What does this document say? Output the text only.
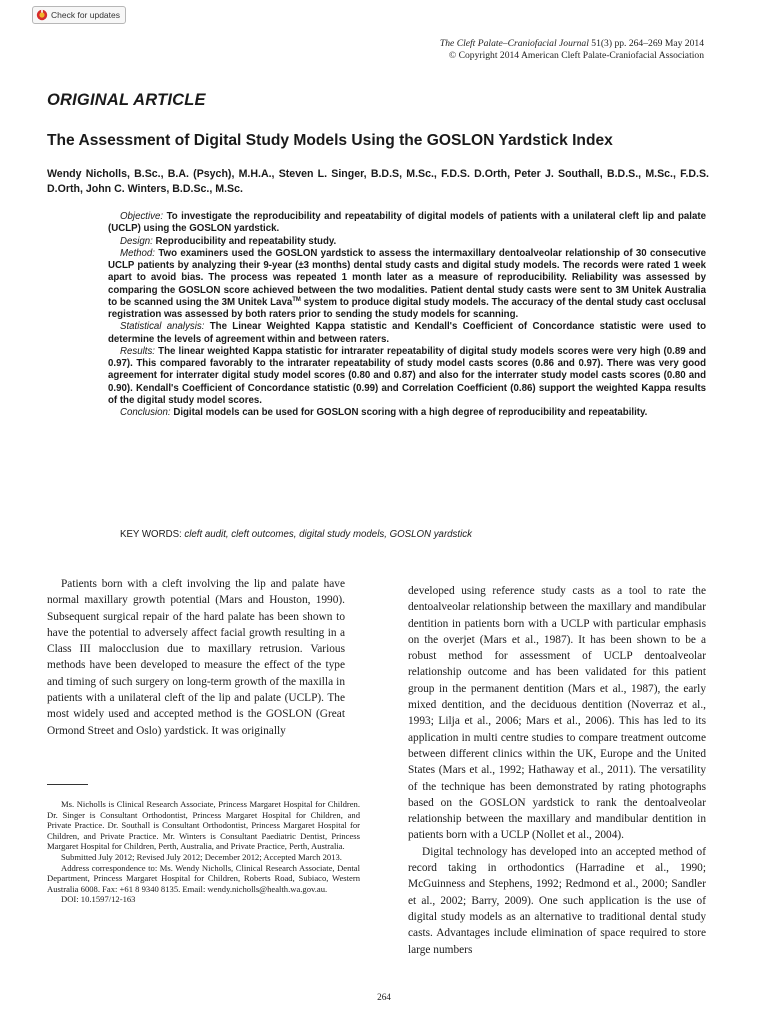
Check for updates
The Cleft Palate–Craniofacial Journal 51(3) pp. 264–269 May 2014
© Copyright 2014 American Cleft Palate-Craniofacial Association
ORIGINAL ARTICLE
The Assessment of Digital Study Models Using the GOSLON Yardstick Index
Wendy Nicholls, B.Sc., B.A. (Psych), M.H.A., Steven L. Singer, B.D.S, M.Sc., F.D.S. D.Orth, Peter J. Southall, B.D.S., M.Sc., F.D.S. D.Orth, John C. Winters, B.D.Sc., M.Sc.

Objective: To investigate the reproducibility and repeatability of digital models of patients with a unilateral cleft lip and palate (UCLP) using the GOSLON yardstick.

Design: Reproducibility and repeatability study.

Method: Two examiners used the GOSLON yardstick to assess the intermaxillary dentoalveolar relationship of 30 consecutive UCLP patients by analyzing their 9-year (±3 months) dental study casts and digital study models. The records were rated 1 week apart to avoid bias. The process was repeated 1 month later as a measure of reproducibility. Reliability was assessed by comparing the GOSLON score achieved between the two modalities. Patient dental study casts were sent to 3M Unitek Australia to be scanned using the 3M Unitek Lava™ system to produce digital study models. The accuracy of the dental study cast occlusal registration was assessed by both raters prior to sending the study models for scanning.

Statistical analysis: The Linear Weighted Kappa statistic and Kendall's Coefficient of Concordance statistic were used to determine the levels of agreement within and between raters.

Results: The linear weighted Kappa statistic for intrarater repeatability of digital study models scores were very high (0.89 and 0.97). This compared favorably to the intrarater repeatability of study model casts scores (0.86 and 0.97). There was very good agreement for interrater digital study model scores (0.80 and 0.87) and also for the interrater study model casts scores (0.80 and 0.90). Kendall's Coefficient of Concordance statistic (0.99) and Correlation Coefficient (0.86) support the weighted Kappa results of the digital study model scores.

Conclusion: Digital models can be used for GOSLON scoring with a high degree of reproducibility and repeatability.

KEY WORDS: cleft audit, cleft outcomes, digital study models, GOSLON yardstick

Patients born with a cleft involving the lip and palate have normal maxillary growth potential (Mars and Houston, 1990). Subsequent surgical repair of the hard palate has been shown to have the potential to adversely affect facial growth resulting in a Class III malocclusion due to maxillary retrusion. Various methods have been developed to measure the effect of the type and timing of such surgery on long-term growth of the maxilla in patients with a unilateral cleft of the lip and palate (UCLP). The most widely used and accepted method is the GOSLON (Great Ormond Street and Oslo) yardstick. It was originally

Ms. Nicholls is Clinical Research Associate, Princess Margaret Hospital for Children. Dr. Singer is Consultant Orthodontist, Princess Margaret Hospital for Children, and Private Practice. Dr. Southall is Consultant Orthodontist, Princess Margaret Hospital for Children, and Private Practice. Mr. Winters is Consultant Paediatric Dentist, Princess Margaret Hospital for Children, Perth, Australia, and Private Practice, Perth, Australia.

Submitted July 2012; Revised July 2012; December 2012; Accepted March 2013.

Address correspondence to: Ms. Wendy Nicholls, Clinical Research Associate, Dental Department, Princess Margaret Hospital for Children, Roberts Road, Subiaco, Western Australia 6008. Fax: +61 8 9340 8135. Email: wendy.nicholls@health.wa.gov.au.

DOI: 10.1597/12-163

developed using reference study casts as a tool to rate the dentoalveolar relationship between the maxillary and mandibular dentition in patients born with a UCLP with particular emphasis on the overjet (Mars et al., 1987). It has been shown to be a robust method for assessment of UCLP dentoalveolar relationship outcome and has been validated for this patient group in the permanent dentition (Mars et al., 1987), the early mixed dentition, and the deciduous dentition (Noverraz et al., 1993; Lilja et al., 2006; Mars et al., 2006). This has led to its application in multi centre studies to compare treatment outcome between different clinics within the UK, Europe and the United States (Mars et al., 1992; Hathaway et al., 2011). The versatility of the technique has been demonstrated by rating photographs based on the GOSLON yardstick to rank the dentoalveolar relationship between the maxillary and mandibular dentition in patients born with a UCLP (Nollet et al., 2004).

Digital technology has developed into an accepted method of record taking in orthodontics (Harradine et al., 1990; McGuinness and Stephens, 1992; Redmond et al., 2000; Sandler et al., 2002; Barry, 2009). One such application is the use of digital study models as an alternative to traditional dental study casts. Advantages include elimination of space required to store large numbers

264
